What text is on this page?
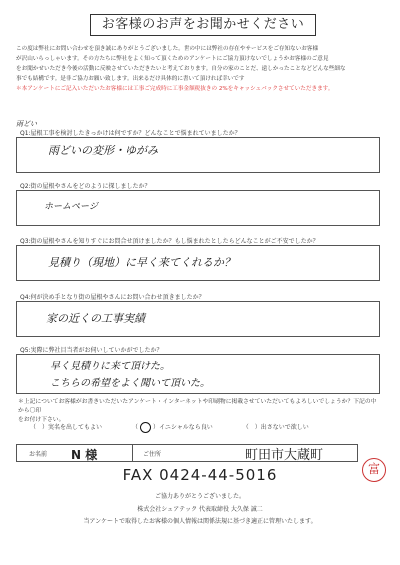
お客様のお声をお聞かせください

この度は弊社にお問い合わせを頂き誠にありがとうございました。世の中には弊社の存在やサービスをご存知ないお客様

が沢山いらっしゃいます。その方たちに弊社をよく知って頂くためのアンケートにご協力頂けないでしょうかお客様のご意見

をお聞かせいただき今後の活動に反映させていただきたいと考えております。自分の家のことだ、遠しかったことなどどんな些細な

事でも結構です。是非ご協力お願い致します。出来るだけ具体的に書いて頂ければ幸いです

＊本アンケートにご記入いただいたお客様には工事ご完成時に工事金額税抜きの 2%をキャッシュバックさせていただきます。

Q1:屋根工事を検討したきっかけは何ですか？どんなことで悩まれていましたか？
雨どい
雨どいの変形・ゆがみ
Q2:街の屋根やさんをどのように探しましたか？
ホームページ
Q3:街の屋根やさんを知りすぐにお問合せ頂けましたか？もし悩まれたとしたらどんなことがご不安でしたか？
見積り（現地）に早く来てくれるか？
Q4:何が決め手となり街の屋根やさんにお問い合わせ頂きましたか？
家の近くの工事実績
Q5:実際に弊社目当者がお伺いしていかがでしたか？
早く見積りに来て頂けた。
こちらの希望をよく聞いて頂いた。

＊上記についてお客様がお書きいただいたアンケート・インターネットや印刷物に掲載させていただいてもよろしいでしょうか？下記の中から〇印

をお付け下さい。

（　）実名を出してもよい	（	）イニシャルなら良い	（　）出さないで欲しい
お名前 N 様	ご住所	町田市大蔵町
富
FAX 0424-44-5016
ご協力ありがとうございました。
株式会社シェアテック 代表取締役 大久保 誠二
当アンケートで取得したお客様の個人情報は関係法規に基づき適正に管理いたします。
